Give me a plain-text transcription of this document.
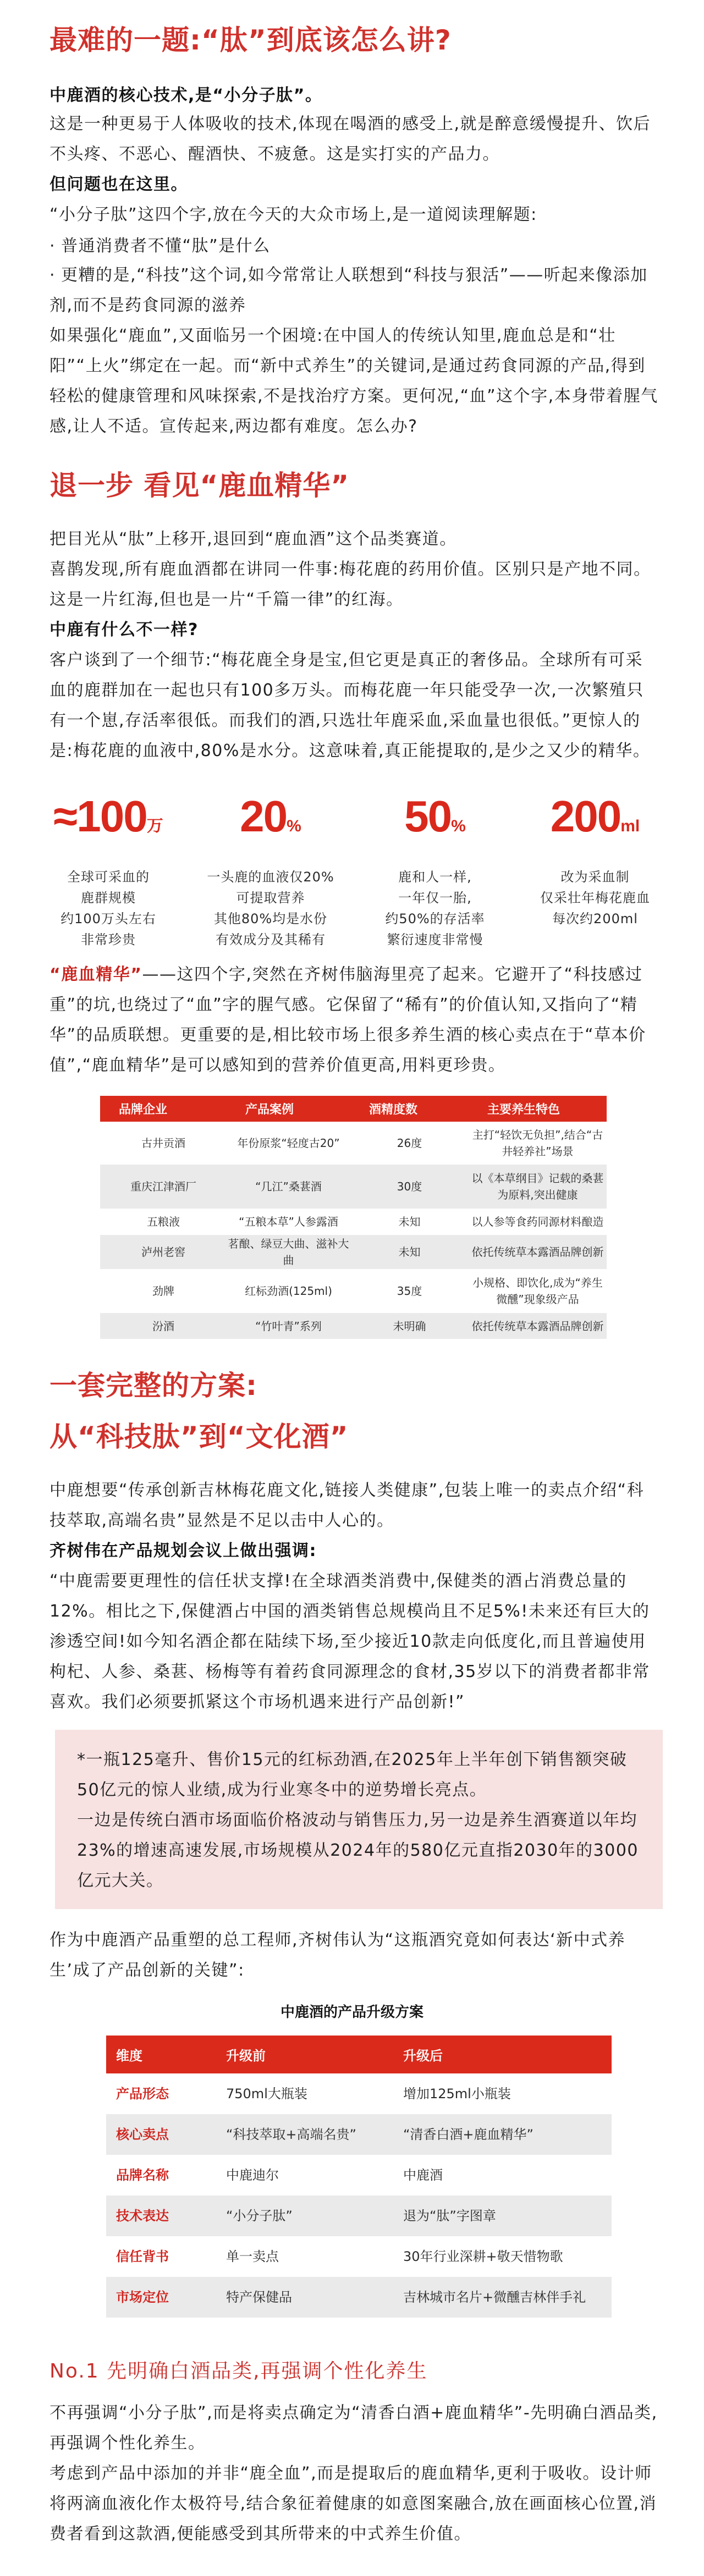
最难的一题:“肽”到底该怎么讲?
中鹿酒的核心技术,是“小分子肽”。
这是一种更易于人体吸收的技术,体现在喝酒的感受上,就是醉意缓慢提升、饮后不头疼、不恶心、醒酒快、不疲惫。这是实打实的产品力。
但问题也在这里。
“小分子肽”这四个字,放在今天的大众市场上,是一道阅读理解题:
· 普通消费者不懂“肽”是什么
· 更糟的是,“科技”这个词,如今常常让人联想到“科技与狠活”——听起来像添加剂,而不是药食同源的滋养
如果强化“鹿血”,又面临另一个困境:在中国人的传统认知里,鹿血总是和“壮阳”“上火”绑定在一起。而“新中式养生”的关键词,是通过药食同源的产品,得到轻松的健康管理和风味探索,不是找治疗方案。更何况,“血”这个字,本身带着腥气感,让人不适。宣传起来,两边都有难度。怎么办?
退一步 看见“鹿血精华”
把目光从“肽”上移开,退回到“鹿血酒”这个品类赛道。
喜鹊发现,所有鹿血酒都在讲同一件事:梅花鹿的药用价值。区别只是产地不同。
这是一片红海,但也是一片“千篇一律”的红海。
中鹿有什么不一样?
客户谈到了一个细节:“梅花鹿全身是宝,但它更是真正的奢侈品。全球所有可采血的鹿群加在一起也只有100多万头。而梅花鹿一年只能受孕一次,一次繁殖只有一个崽,存活率很低。而我们的酒,只选壮年鹿采血,采血量也很低。”更惊人的是:梅花鹿的血液中,80%是水分。这意味着,真正能提取的,是少之又少的精华。
≈100万
全球可采血的
鹿群规模
约100万头左右
非常珍贵
20%
一头鹿的血液仅20%
可提取营养
其他80%均是水份
有效成分及其稀有
50%
鹿和人一样,
一年仅一胎,
约50%的存活率
繁衍速度非常慢
200ml
改为采血制
仅采壮年梅花鹿血
每次约200ml
“鹿血精华”——这四个字,突然在齐树伟脑海里亮了起来。它避开了“科技感过重”的坑,也绕过了“血”字的腥气感。它保留了“稀有”的价值认知,又指向了“精华”的品质联想。更重要的是,相比较市场上很多养生酒的核心卖点在于“草本价值”,“鹿血精华”是可以感知到的营养价值更高,用料更珍贵。
品牌企业	产品案例	酒精度数	主要养生特色
古井贡酒	年份原浆“轻度古20”	26度	主打“轻饮无负担”,结合“古井轻养社”场景
重庆江津酒厂	“几江”桑葚酒	30度	以《本草纲目》记载的桑葚为原料,突出健康
五粮液	“五粮本草”人参露酒	未知	以人参等食药同源材料酿造
泸州老窖	茗酿、绿豆大曲、滋补大曲	未知	依托传统草本露酒品牌创新
劲牌	红标劲酒(125ml)	35度	小规格、即饮化,成为“养生微醺”现象级产品
汾酒	“竹叶青”系列	未明确	依托传统草本露酒品牌创新
一套完整的方案:
从“科技肽”到“文化酒”
中鹿想要“传承创新吉林梅花鹿文化,链接人类健康”,包装上唯一的卖点介绍“科技萃取,高端名贵”显然是不足以击中人心的。
齐树伟在产品规划会议上做出强调:
“中鹿需要更理性的信任状支撑!在全球酒类消费中,保健类的酒占消费总量的12%。相比之下,保健酒占中国的酒类销售总规模尚且不足5%!未来还有巨大的渗透空间!如今知名酒企都在陆续下场,至少接近10款走向低度化,而且普遍使用枸杞、人参、桑葚、杨梅等有着药食同源理念的食材,35岁以下的消费者都非常喜欢。我们必须要抓紧这个市场机遇来进行产品创新!”
*一瓶125毫升、售价15元的红标劲酒,在2025年上半年创下销售额突破50亿元的惊人业绩,成为行业寒冬中的逆势增长亮点。
一边是传统白酒市场面临价格波动与销售压力,另一边是养生酒赛道以年均23%的增速高速发展,市场规模从2024年的580亿元直指2030年的3000亿元大关。
作为中鹿酒产品重塑的总工程师,齐树伟认为“这瓶酒究竟如何表达‘新中式养生’成了产品创新的关键”:
中鹿酒的产品升级方案
维度	升级前	升级后
产品形态	750ml大瓶装	增加125ml小瓶装
核心卖点	“科技萃取+高端名贵”	“清香白酒+鹿血精华”
品牌名称	中鹿迪尔	中鹿酒
技术表达	“小分子肽”	退为“肽”字图章
信任背书	单一卖点	30年行业深耕+敬天惜物歌
市场定位	特产保健品	吉林城市名片+微醺吉林伴手礼
No.1 先明确白酒品类,再强调个性化养生
不再强调“小分子肽”,而是将卖点确定为“清香白酒+鹿血精华”-先明确白酒品类,再强调个性化养生。
考虑到产品中添加的并非“鹿全血”,而是提取后的鹿血精华,更利于吸收。设计师将两滴血液化作太极符号,结合象征着健康的如意图案融合,放在画面核心位置,消费者看到这款酒,便能感受到其所带来的中式养生价值。
